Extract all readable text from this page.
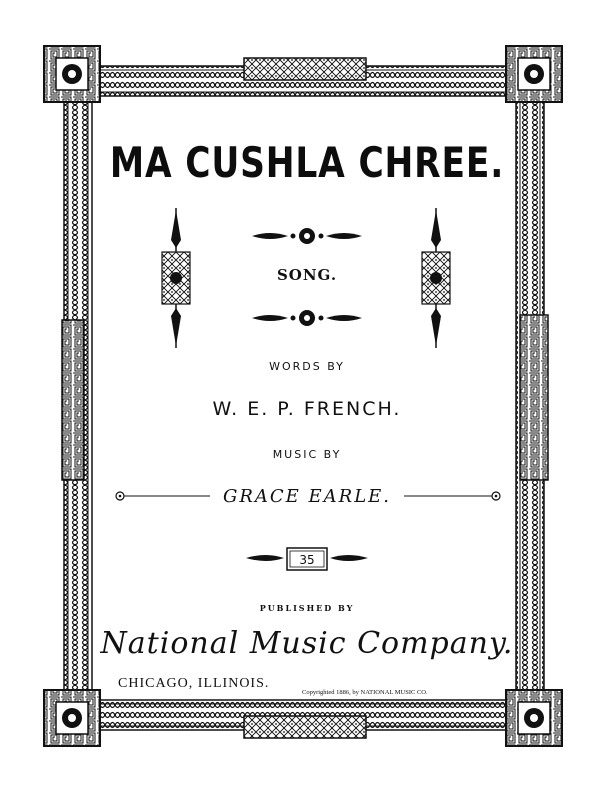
MA CUSHLA CHREE.
SONG.
WORDS BY
W. E. P. FRENCH.
MUSIC BY
GRACE EARLE.
35
PUBLISHED BY
National Music Company.
CHICAGO, ILLINOIS.
Copyrighted 1886, by NATIONAL MUSIC CO.
